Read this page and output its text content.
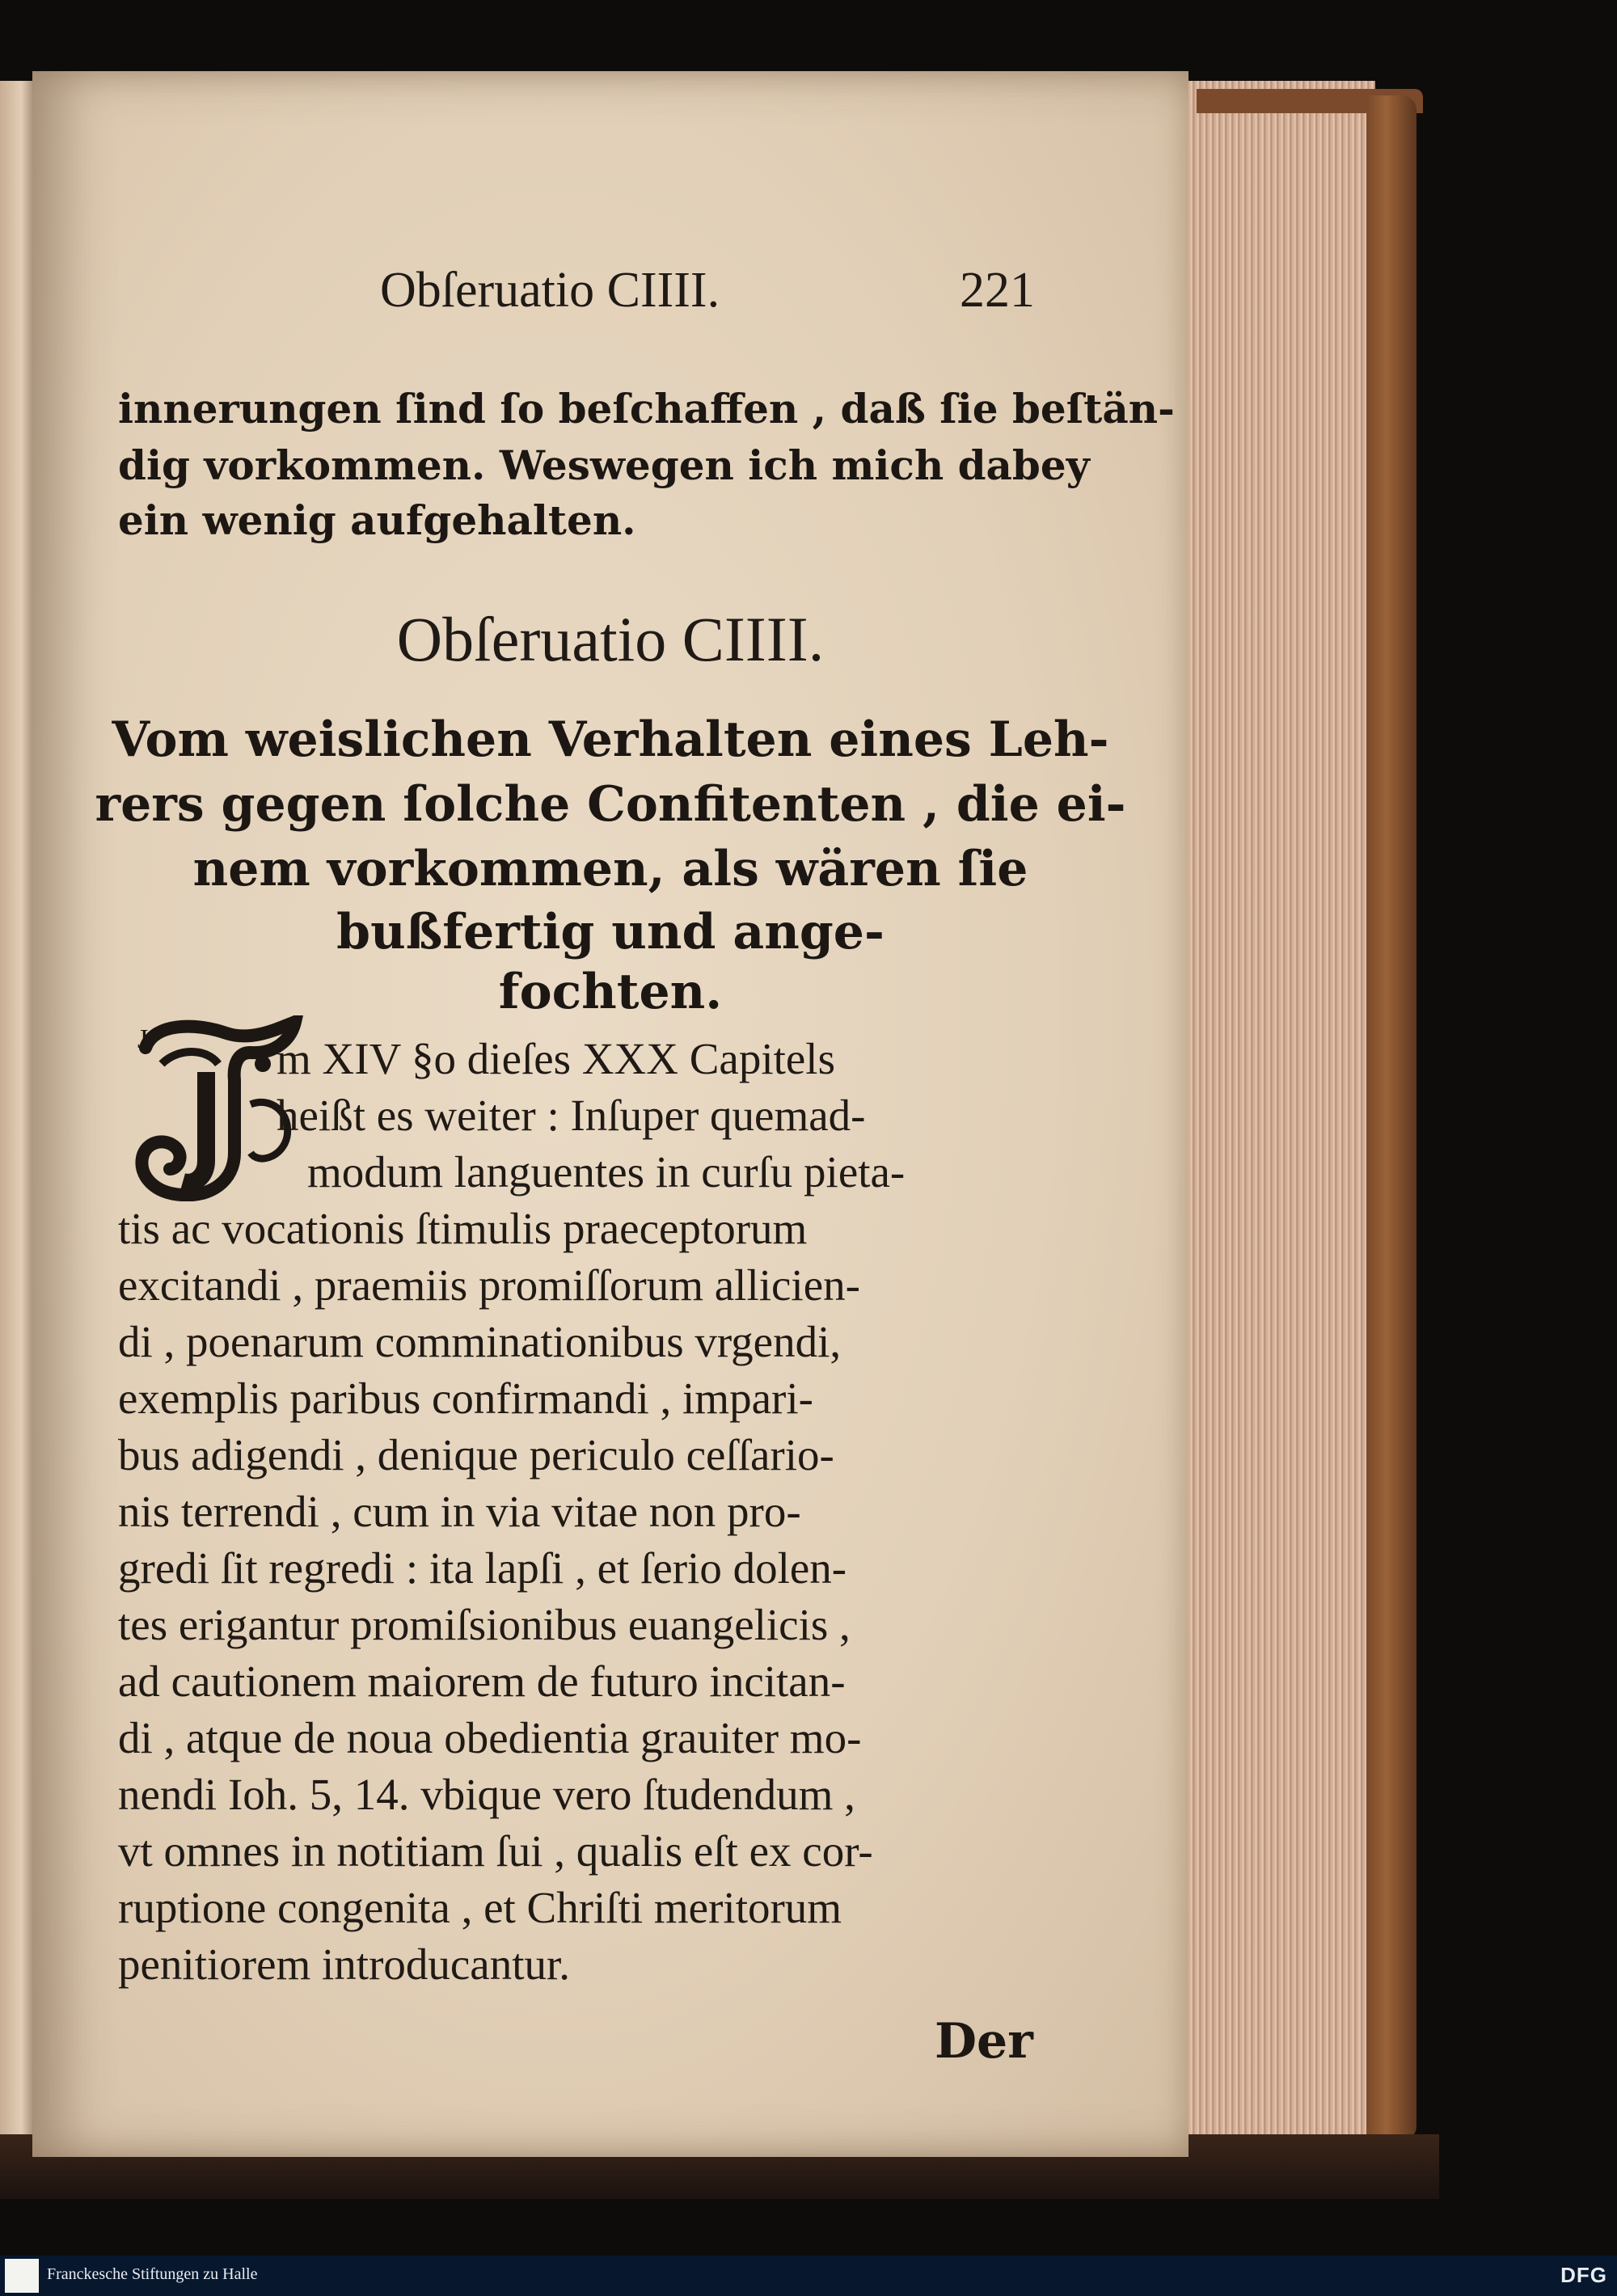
Obſeruatio CIIII.	221
innerungen ſind ſo beſchaffen , daß ſie beſtän-
dig vorkommen. Weswegen ich mich dabey
ein wenig aufgehalten.
Obſeruatio CIIII.
Vom weislichen Verhalten eines Leh-
rers gegen ſolche Confitenten , die ei-
nem vorkommen, als wären ſie
bußfertig und ange-
fochten.
J	m XIV §o dieſes XXX Capitels
heißt es weiter : Inſuper quemad-
modum languentes in curſu pieta-
tis ac vocationis ſtimulis praeceptorum
excitandi , praemiis promiſſorum allicien-
di , poenarum comminationibus vrgendi,
exemplis paribus confirmandi , impari-
bus adigendi , denique periculo ceſſario-
nis terrendi , cum in via vitae non pro-
gredi ſit regredi : ita lapſi , et ſerio dolen-
tes erigantur promiſsionibus euangelicis ,
ad cautionem maiorem de futuro incitan-
di , atque de noua obedientia grauiter mo-
nendi Ioh. 5, 14. vbique vero ſtudendum ,
vt omnes in notitiam ſui , qualis eſt ex cor-
ruptione congenita , et Chriſti meritorum
penitiorem introducantur.
Der
Franckesche Stiftungen zu Halle	DFG
